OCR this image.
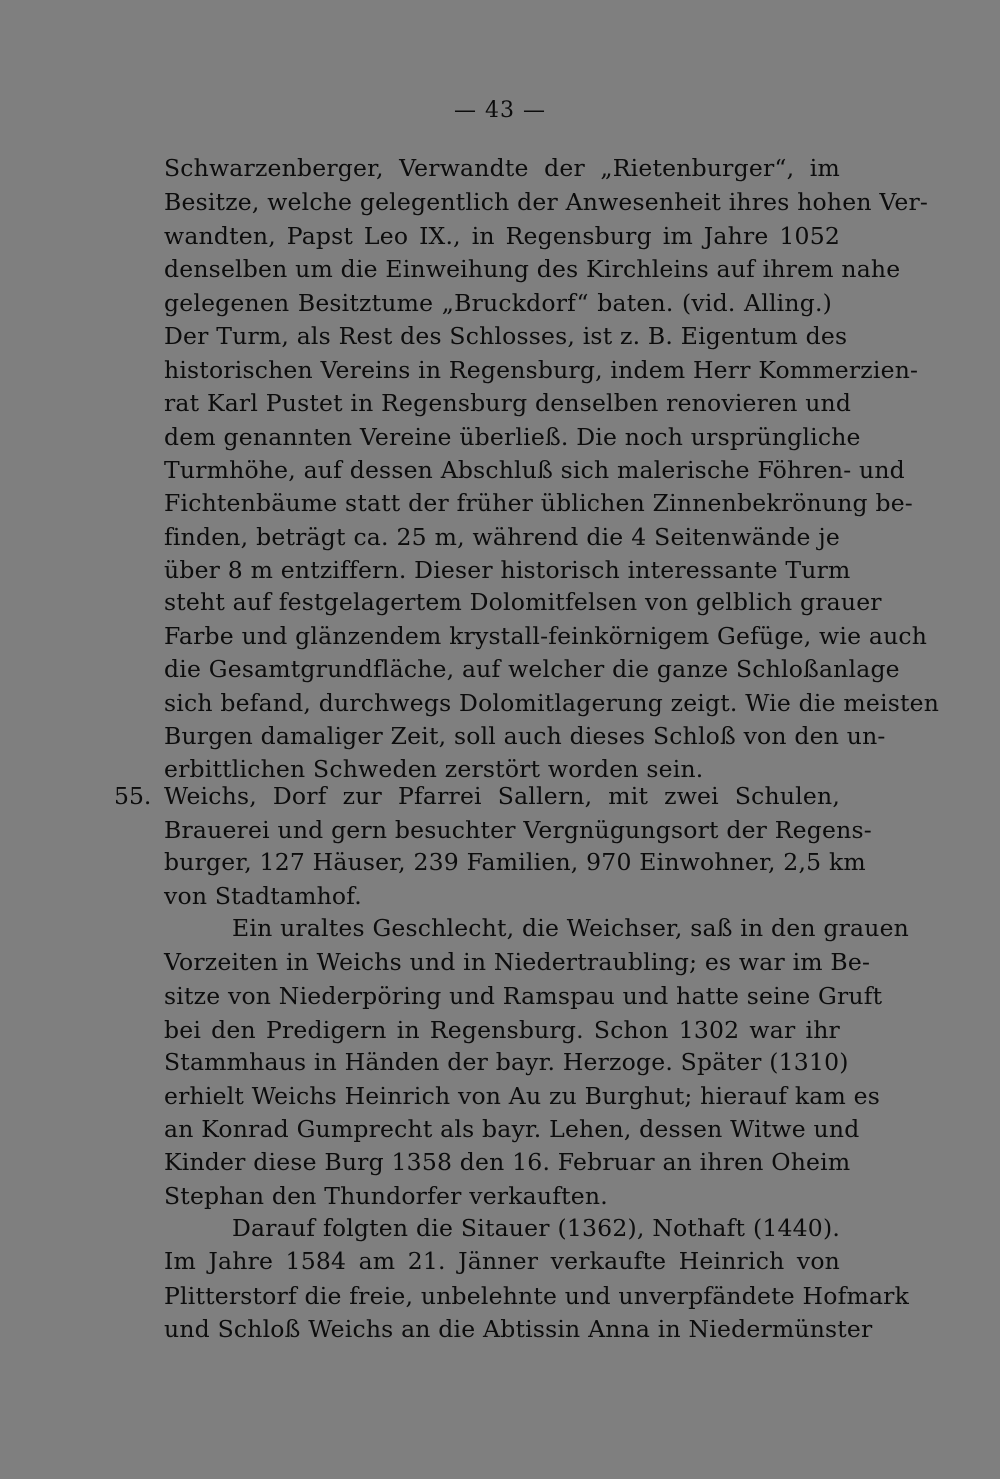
— 43 —
55.
Schwarzenberger, Verwandte der „Rietenburger“, im
Besitze, welche gelegentlich der Anwesenheit ihres hohen Ver-
wandten, Papst Leo IX., in Regensburg im Jahre 1052
denselben um die Einweihung des Kirchleins auf ihrem nahe
gelegenen Besitztume „Bruckdorf“ baten. (vid. Alling.)
Der Turm, als Rest des Schlosses, ist z. B. Eigentum des
historischen Vereins in Regensburg, indem Herr Kommerzien-
rat Karl Pustet in Regensburg denselben renovieren und
dem genannten Vereine überließ. Die noch ursprüngliche
Turmhöhe, auf dessen Abschluß sich malerische Föhren- und
Fichtenbäume statt der früher üblichen Zinnenbekrönung be-
finden, beträgt ca. 25 m, während die 4 Seitenwände je
über 8 m entziffern. Dieser historisch interessante Turm
steht auf festgelagertem Dolomitfelsen von gelblich grauer
Farbe und glänzendem krystall-feinkörnigem Gefüge, wie auch
die Gesamtgrundfläche, auf welcher die ganze Schloßanlage
sich befand, durchwegs Dolomitlagerung zeigt. Wie die meisten
Burgen damaliger Zeit, soll auch dieses Schloß von den un-
erbittlichen Schweden zerstört worden sein.
Weichs, Dorf zur Pfarrei Sallern, mit zwei Schulen,
Brauerei und gern besuchter Vergnügungsort der Regens-
burger, 127 Häuser, 239 Familien, 970 Einwohner, 2,5 km
von Stadtamhof.
Ein uraltes Geschlecht, die Weichser, saß in den grauen
Vorzeiten in Weichs und in Niedertraubling; es war im Be-
sitze von Niederpöring und Ramspau und hatte seine Gruft
bei den Predigern in Regensburg. Schon 1302 war ihr
Stammhaus in Händen der bayr. Herzoge. Später (1310)
erhielt Weichs Heinrich von Au zu Burghut; hierauf kam es
an Konrad Gumprecht als bayr. Lehen, dessen Witwe und
Kinder diese Burg 1358 den 16. Februar an ihren Oheim
Stephan den Thundorfer verkauften.
Darauf folgten die Sitauer (1362), Nothaft (1440).
Im Jahre 1584 am 21. Jänner verkaufte Heinrich von
Plitterstorf die freie, unbelehnte und unverpfändete Hofmark
und Schloß Weichs an die Abtissin Anna in Niedermünster
